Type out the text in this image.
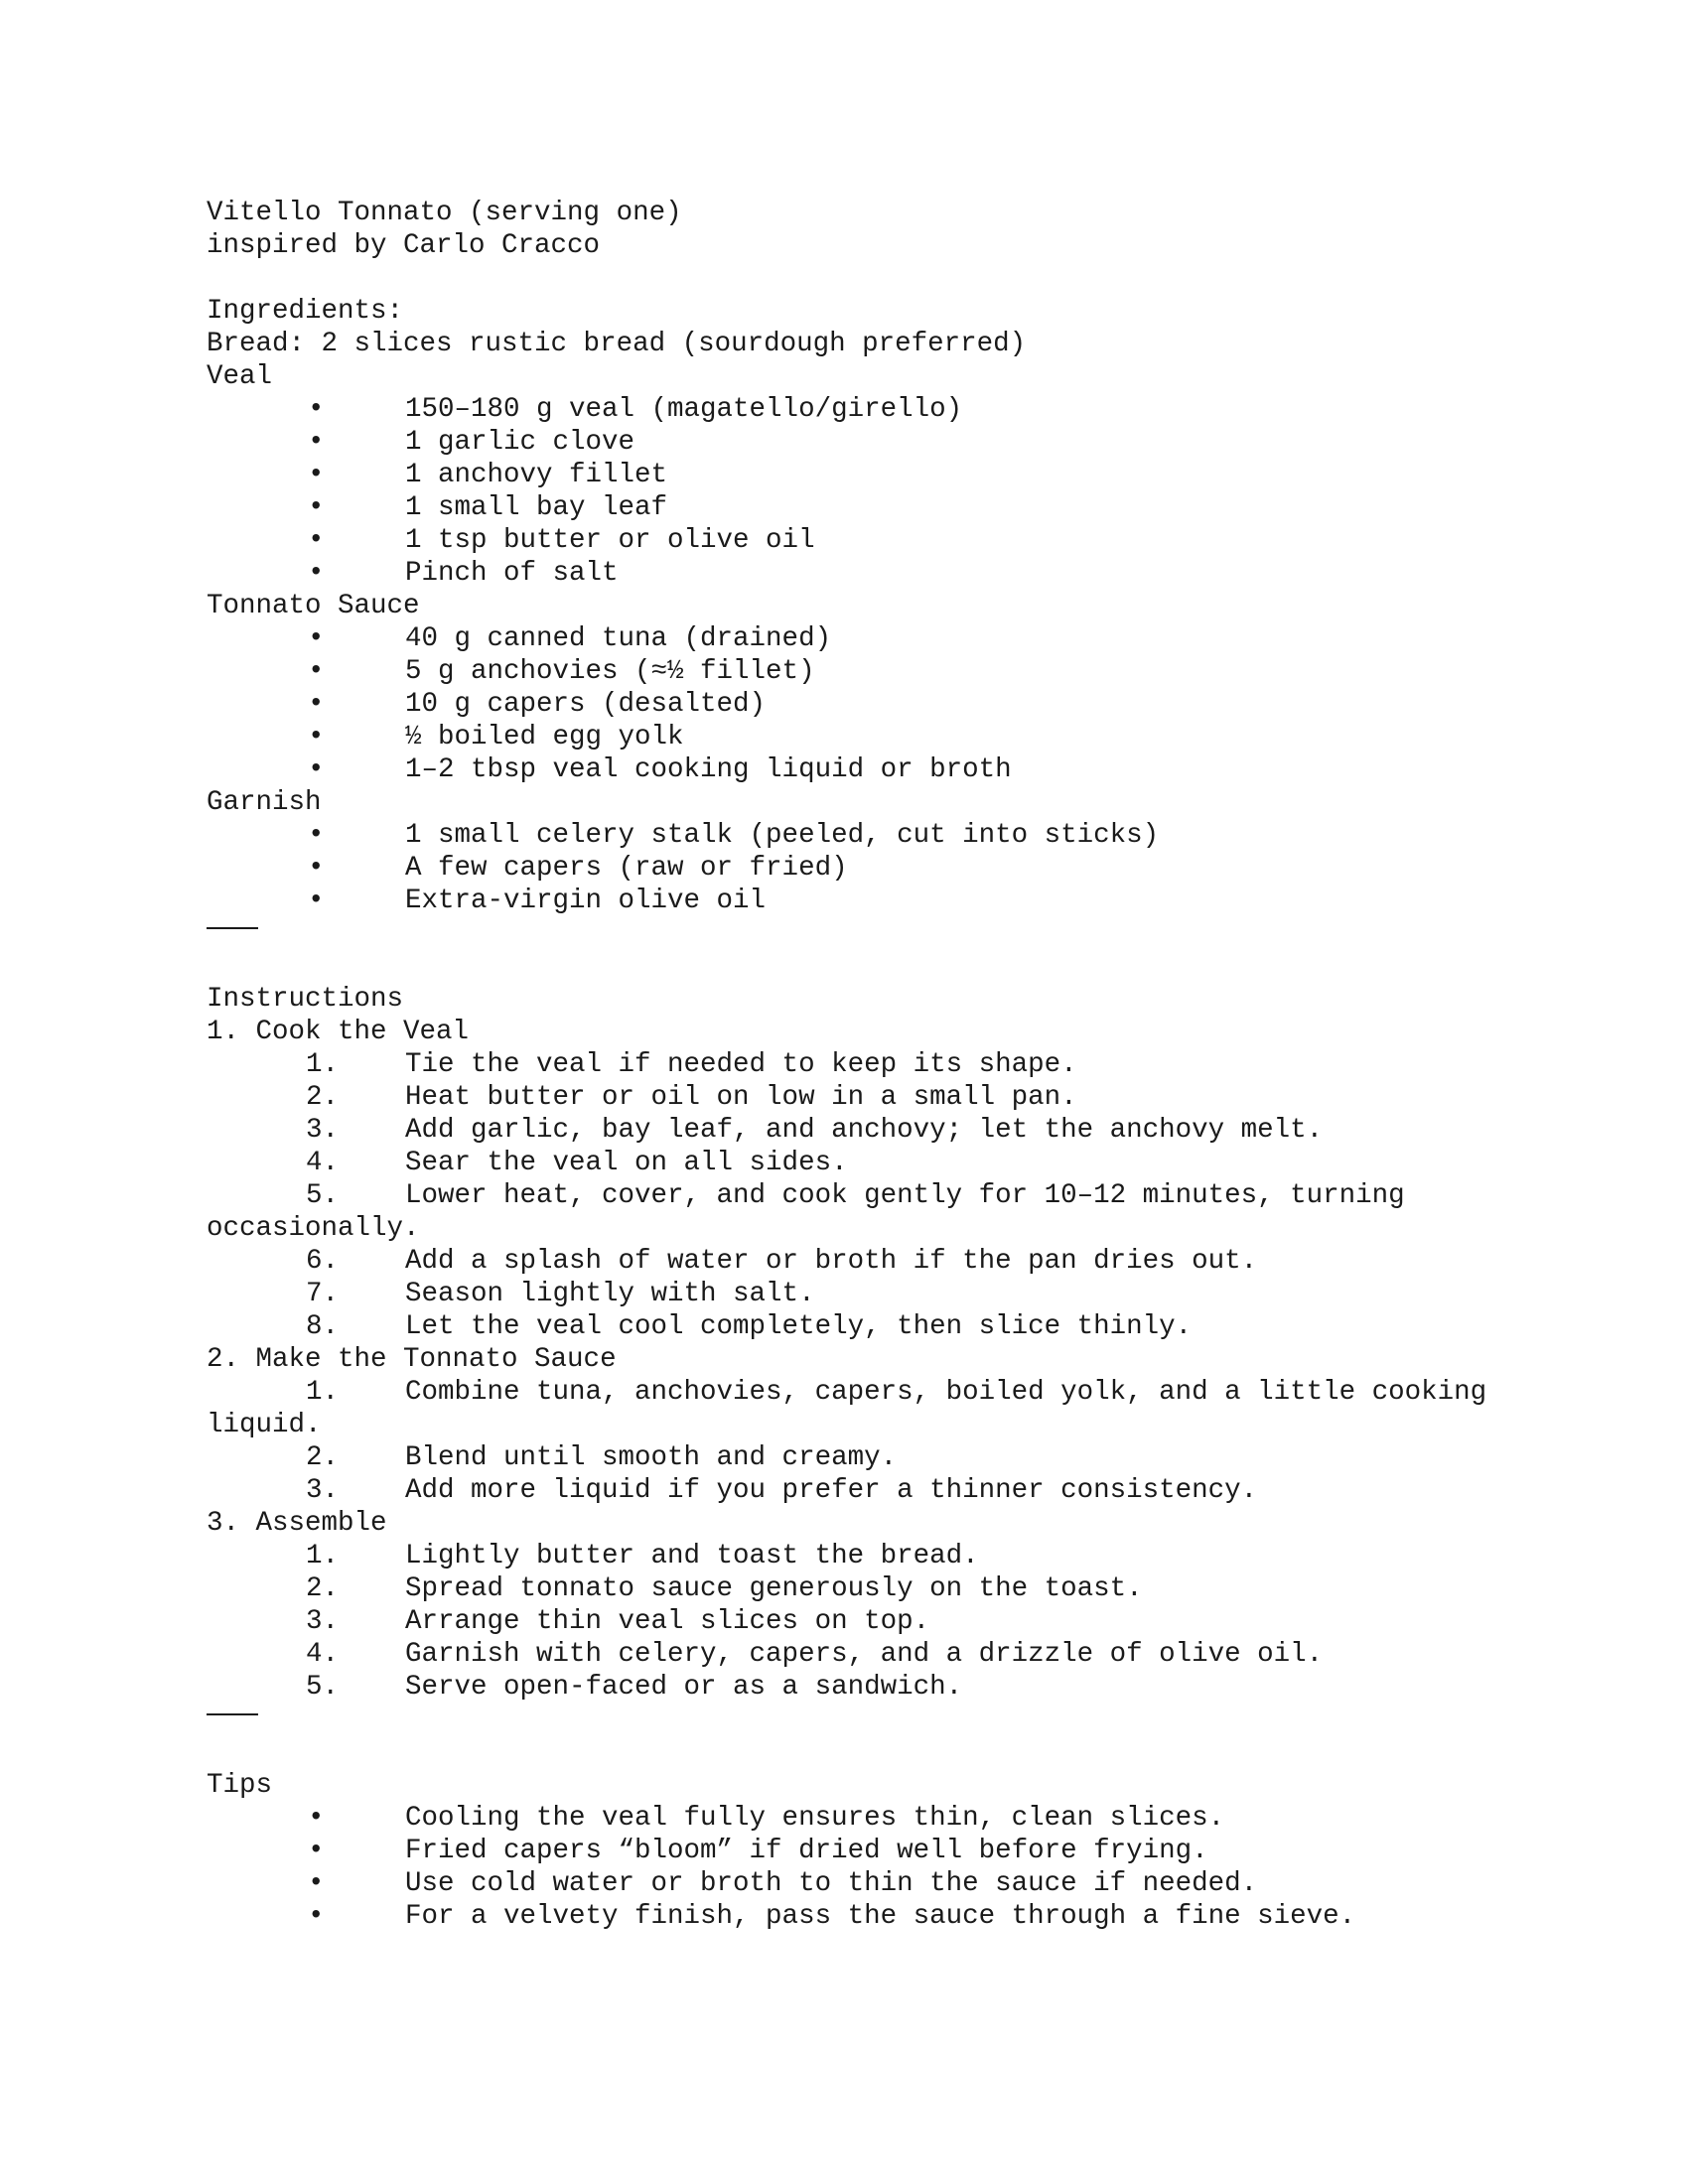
Vitello Tonnato (serving one)
inspired by Carlo Cracco
Ingredients:
Bread: 2 slices rustic bread (sourdough preferred)
Veal
•	150–180 g veal (magatello/girello)
•	1 garlic clove
•	1 anchovy fillet
•	1 small bay leaf
•	1 tsp butter or olive oil
•	Pinch of salt
Tonnato Sauce
•	40 g canned tuna (drained)
•	5 g anchovies (≈½ fillet)
•	10 g capers (desalted)
•	½ boiled egg yolk
•	1–2 tbsp veal cooking liquid or broth
Garnish
•	1 small celery stalk (peeled, cut into sticks)
•	A few capers (raw or fried)
•	Extra-virgin olive oil
Instructions
1. Cook the Veal
1.	Tie the veal if needed to keep its shape.
2.	Heat butter or oil on low in a small pan.
3.	Add garlic, bay leaf, and anchovy; let the anchovy melt.
4.	Sear the veal on all sides.
5.	Lower heat, cover, and cook gently for 10–12 minutes, turning occasionally.
6.	Add a splash of water or broth if the pan dries out.
7.	Season lightly with salt.
8.	Let the veal cool completely, then slice thinly.
2. Make the Tonnato Sauce
1.	Combine tuna, anchovies, capers, boiled yolk, and a little cooking liquid.
2.	Blend until smooth and creamy.
3.	Add more liquid if you prefer a thinner consistency.
3. Assemble
1.	Lightly butter and toast the bread.
2.	Spread tonnato sauce generously on the toast.
3.	Arrange thin veal slices on top.
4.	Garnish with celery, capers, and a drizzle of olive oil.
5.	Serve open-faced or as a sandwich.
Tips
•	Cooling the veal fully ensures thin, clean slices.
•	Fried capers “bloom” if dried well before frying.
•	Use cold water or broth to thin the sauce if needed.
•	For a velvety finish, pass the sauce through a fine sieve.
